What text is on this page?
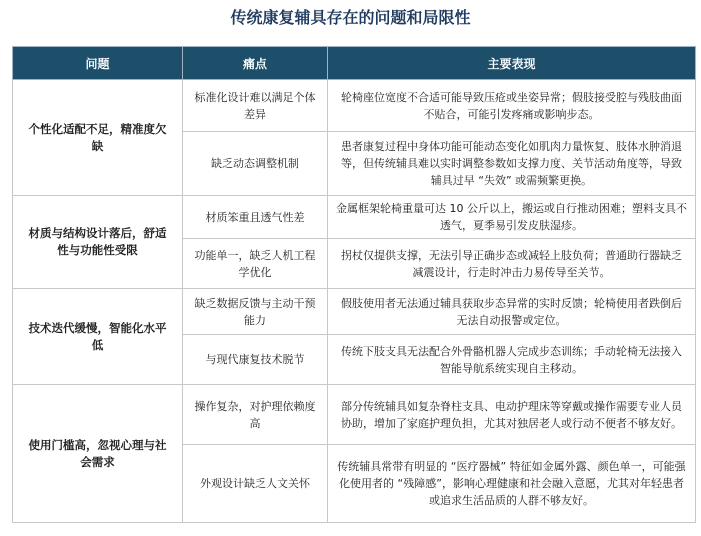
传统康复辅具存在的问题和局限性
问题	痛点	主要表现
个性化适配不足，精准度欠缺	标准化设计难以满足个体差异	轮椅座位宽度不合适可能导致压疮或坐姿异常；假肢接受腔与残肢曲面不贴合，可能引发疼痛或影响步态。
	缺乏动态调整机制	患者康复过程中身体功能可能动态变化如肌肉力量恢复、肢体水肿消退等，但传统辅具难以实时调整参数如支撑力度、关节活动角度等，导致辅具过早 “失效” 或需频繁更换。
材质与结构设计落后，舒适性与功能性受限	材质笨重且透气性差	金属框架轮椅重量可达 10 公斤以上，搬运或自行推动困难；塑料支具不透气，夏季易引发皮肤湿疹。
	功能单一，缺乏人机工程学优化	拐杖仅提供支撑，无法引导正确步态或减轻上肢负荷；普通助行器缺乏减震设计，行走时冲击力易传导至关节。
技术迭代缓慢，智能化水平低	缺乏数据反馈与主动干预能力	假肢使用者无法通过辅具获取步态异常的实时反馈；轮椅使用者跌倒后无法自动报警或定位。
	与现代康复技术脱节	传统下肢支具无法配合外骨骼机器人完成步态训练；手动轮椅无法接入智能导航系统实现自主移动。
使用门槛高，忽视心理与社会需求	操作复杂，对护理依赖度高	部分传统辅具如复杂脊柱支具、电动护理床等穿戴或操作需要专业人员协助，增加了家庭护理负担，尤其对独居老人或行动不便者不够友好。
	外观设计缺乏人文关怀	传统辅具常带有明显的 “医疗器械” 特征如金属外露、颜色单一，可能强化使用者的 “残障感”，影响心理健康和社会融入意愿，尤其对年轻患者或追求生活品质的人群不够友好。
